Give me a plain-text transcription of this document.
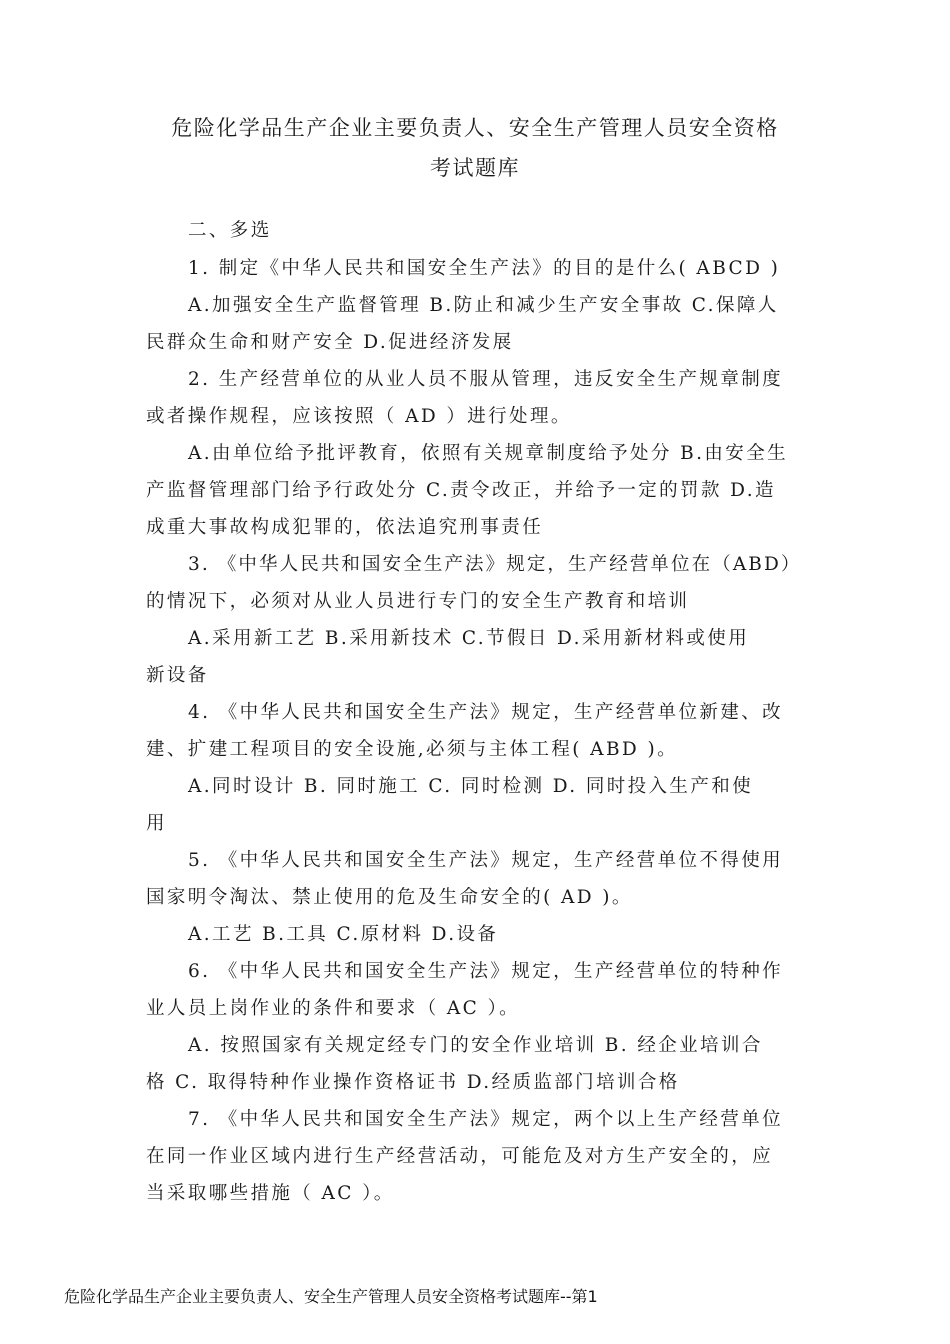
危险化学品生产企业主要负责人、安全生产管理人员安全资格
考试题库
二、多选
1. 制定《中华人民共和国安全生产法》的目的是什么( ABCD )
A.加强安全生产监督管理 B.防止和减少生产安全事故 C.保障人
民群众生命和财产安全 D.促进经济发展
2. 生产经营单位的从业人员不服从管理，违反安全生产规章制度
或者操作规程，应该按照（ AD ）进行处理。
A.由单位给予批评教育，依照有关规章制度给予处分 B.由安全生
产监督管理部门给予行政处分 C.责令改正，并给予一定的罚款 D.造
成重大事故构成犯罪的，依法追究刑事责任
3. 《中华人民共和国安全生产法》规定，生产经营单位在（ABD）
的情况下，必须对从业人员进行专门的安全生产教育和培训
A.采用新工艺 B.采用新技术 C.节假日 D.采用新材料或使用
新设备
4. 《中华人民共和国安全生产法》规定，生产经营单位新建、改
建、扩建工程项目的安全设施,必须与主体工程( ABD )。
A.同时设计 B. 同时施工 C. 同时检测 D. 同时投入生产和使
用
5. 《中华人民共和国安全生产法》规定，生产经营单位不得使用
国家明令淘汰、禁止使用的危及生命安全的( AD )。
A.工艺 B.工具 C.原材料 D.设备
6. 《中华人民共和国安全生产法》规定，生产经营单位的特种作
业人员上岗作业的条件和要求（ AC ）。
A. 按照国家有关规定经专门的安全作业培训 B. 经企业培训合
格 C. 取得特种作业操作资格证书 D.经质监部门培训合格
7. 《中华人民共和国安全生产法》规定，两个以上生产经营单位
在同一作业区域内进行生产经营活动，可能危及对方生产安全的，应
当采取哪些措施（ AC ）。
危险化学品生产企业主要负责人、安全生产管理人员安全资格考试题库--第1
